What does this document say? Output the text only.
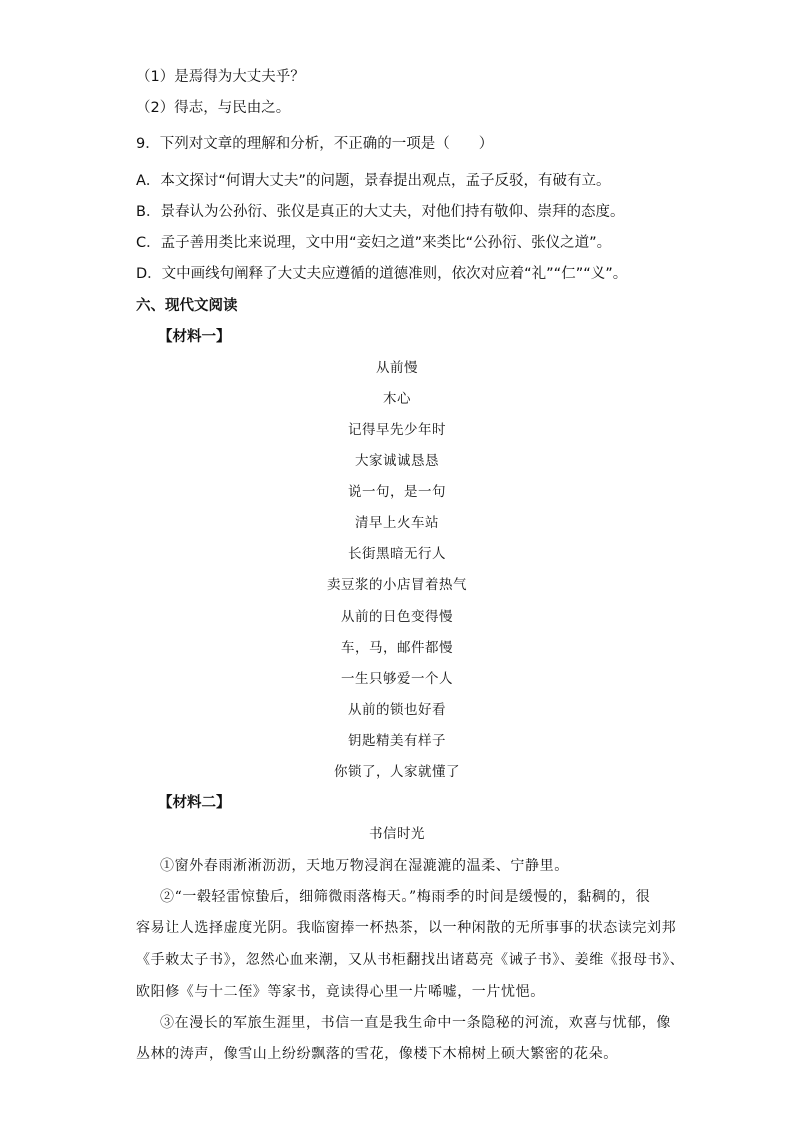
（1）是焉得为大丈夫乎？
（2）得志，与民由之。
9．下列对文章的理解和分析，不正确的一项是（　　）
A．本文探讨“何谓大丈夫”的问题，景春提出观点，孟子反驳，有破有立。
B．景春认为公孙衍、张仪是真正的大丈夫，对他们持有敬仰、崇拜的态度。
C．孟子善用类比来说理，文中用“妾妇之道”来类比“公孙衍、张仪之道”。
D．文中画线句阐释了大丈夫应遵循的道德准则，依次对应着“礼”“仁”“义”。
六、现代文阅读
【材料一】
从前慢
木心
记得早先少年时
大家诚诚恳恳
说一句，是一句
清早上火车站
长街黑暗无行人
卖豆浆的小店冒着热气
从前的日色变得慢
车，马，邮件都慢
一生只够爱一个人
从前的锁也好看
钥匙精美有样子
你锁了，人家就懂了
【材料二】
书信时光
①窗外春雨淅淅沥沥，天地万物浸润在湿漉漉的温柔、宁静里。
②“一毂轻雷惊蛰后，细筛微雨落梅天。”梅雨季的时间是缓慢的，黏稠的，很
容易让人选择虚度光阴。我临窗捧一杯热茶，以一种闲散的无所事事的状态读完刘邦
《手敕太子书》，忽然心血来潮，又从书柜翻找出诸葛亮《诫子书》、姜维《报母书》、
欧阳修《与十二侄》等家书，竟读得心里一片唏嘘，一片忧悒。
③在漫长的军旅生涯里，书信一直是我生命中一条隐秘的河流，欢喜与忧郁，像
丛林的涛声，像雪山上纷纷飘落的雪花，像楼下木棉树上硕大繁密的花朵。
